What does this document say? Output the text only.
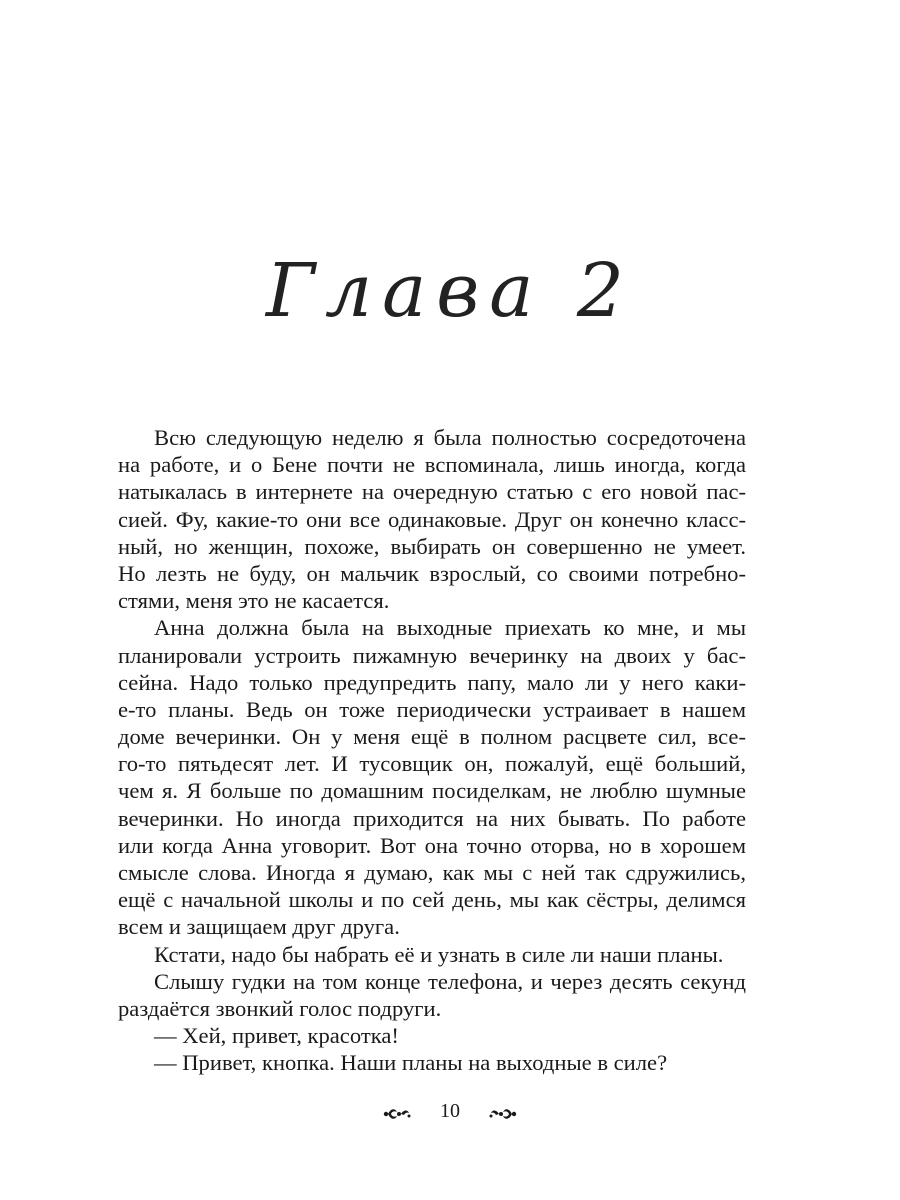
Глава 2
Всю следующую неделю я была полностью сосредоточена
на работе, и о Бене почти не вспоминала, лишь иногда, когда
натыкалась в интернете на очередную статью с его новой пас-
сией. Фу, какие-то они все одинаковые. Друг он конечно класс-
ный, но женщин, похоже, выбирать он совершенно не умеет.
Но лезть не буду, он мальчик взрослый, со своими потребно-
стями, меня это не касается.
Анна должна была на выходные приехать ко мне, и мы
планировали устроить пижамную вечеринку на двоих у бас-
сейна. Надо только предупредить папу, мало ли у него каки-
е-то планы. Ведь он тоже периодически устраивает в нашем
доме вечеринки. Он у меня ещё в полном расцвете сил, все-
го-то пятьдесят лет. И тусовщик он, пожалуй, ещё больший,
чем я. Я больше по домашним посиделкам, не люблю шумные
вечеринки. Но иногда приходится на них бывать. По работе
или когда Анна уговорит. Вот она точно оторва, но в хорошем
смысле слова. Иногда я думаю, как мы с ней так сдружились,
ещё с начальной школы и по сей день, мы как сёстры, делимся
всем и защищаем друг друга.
Кстати, надо бы набрать её и узнать в силе ли наши планы.
Слышу гудки на том конце телефона, и через десять секунд
раздаётся звонкий голос подруги.
— Хей, привет, красотка!
— Привет, кнопка. Наши планы на выходные в силе?
10
